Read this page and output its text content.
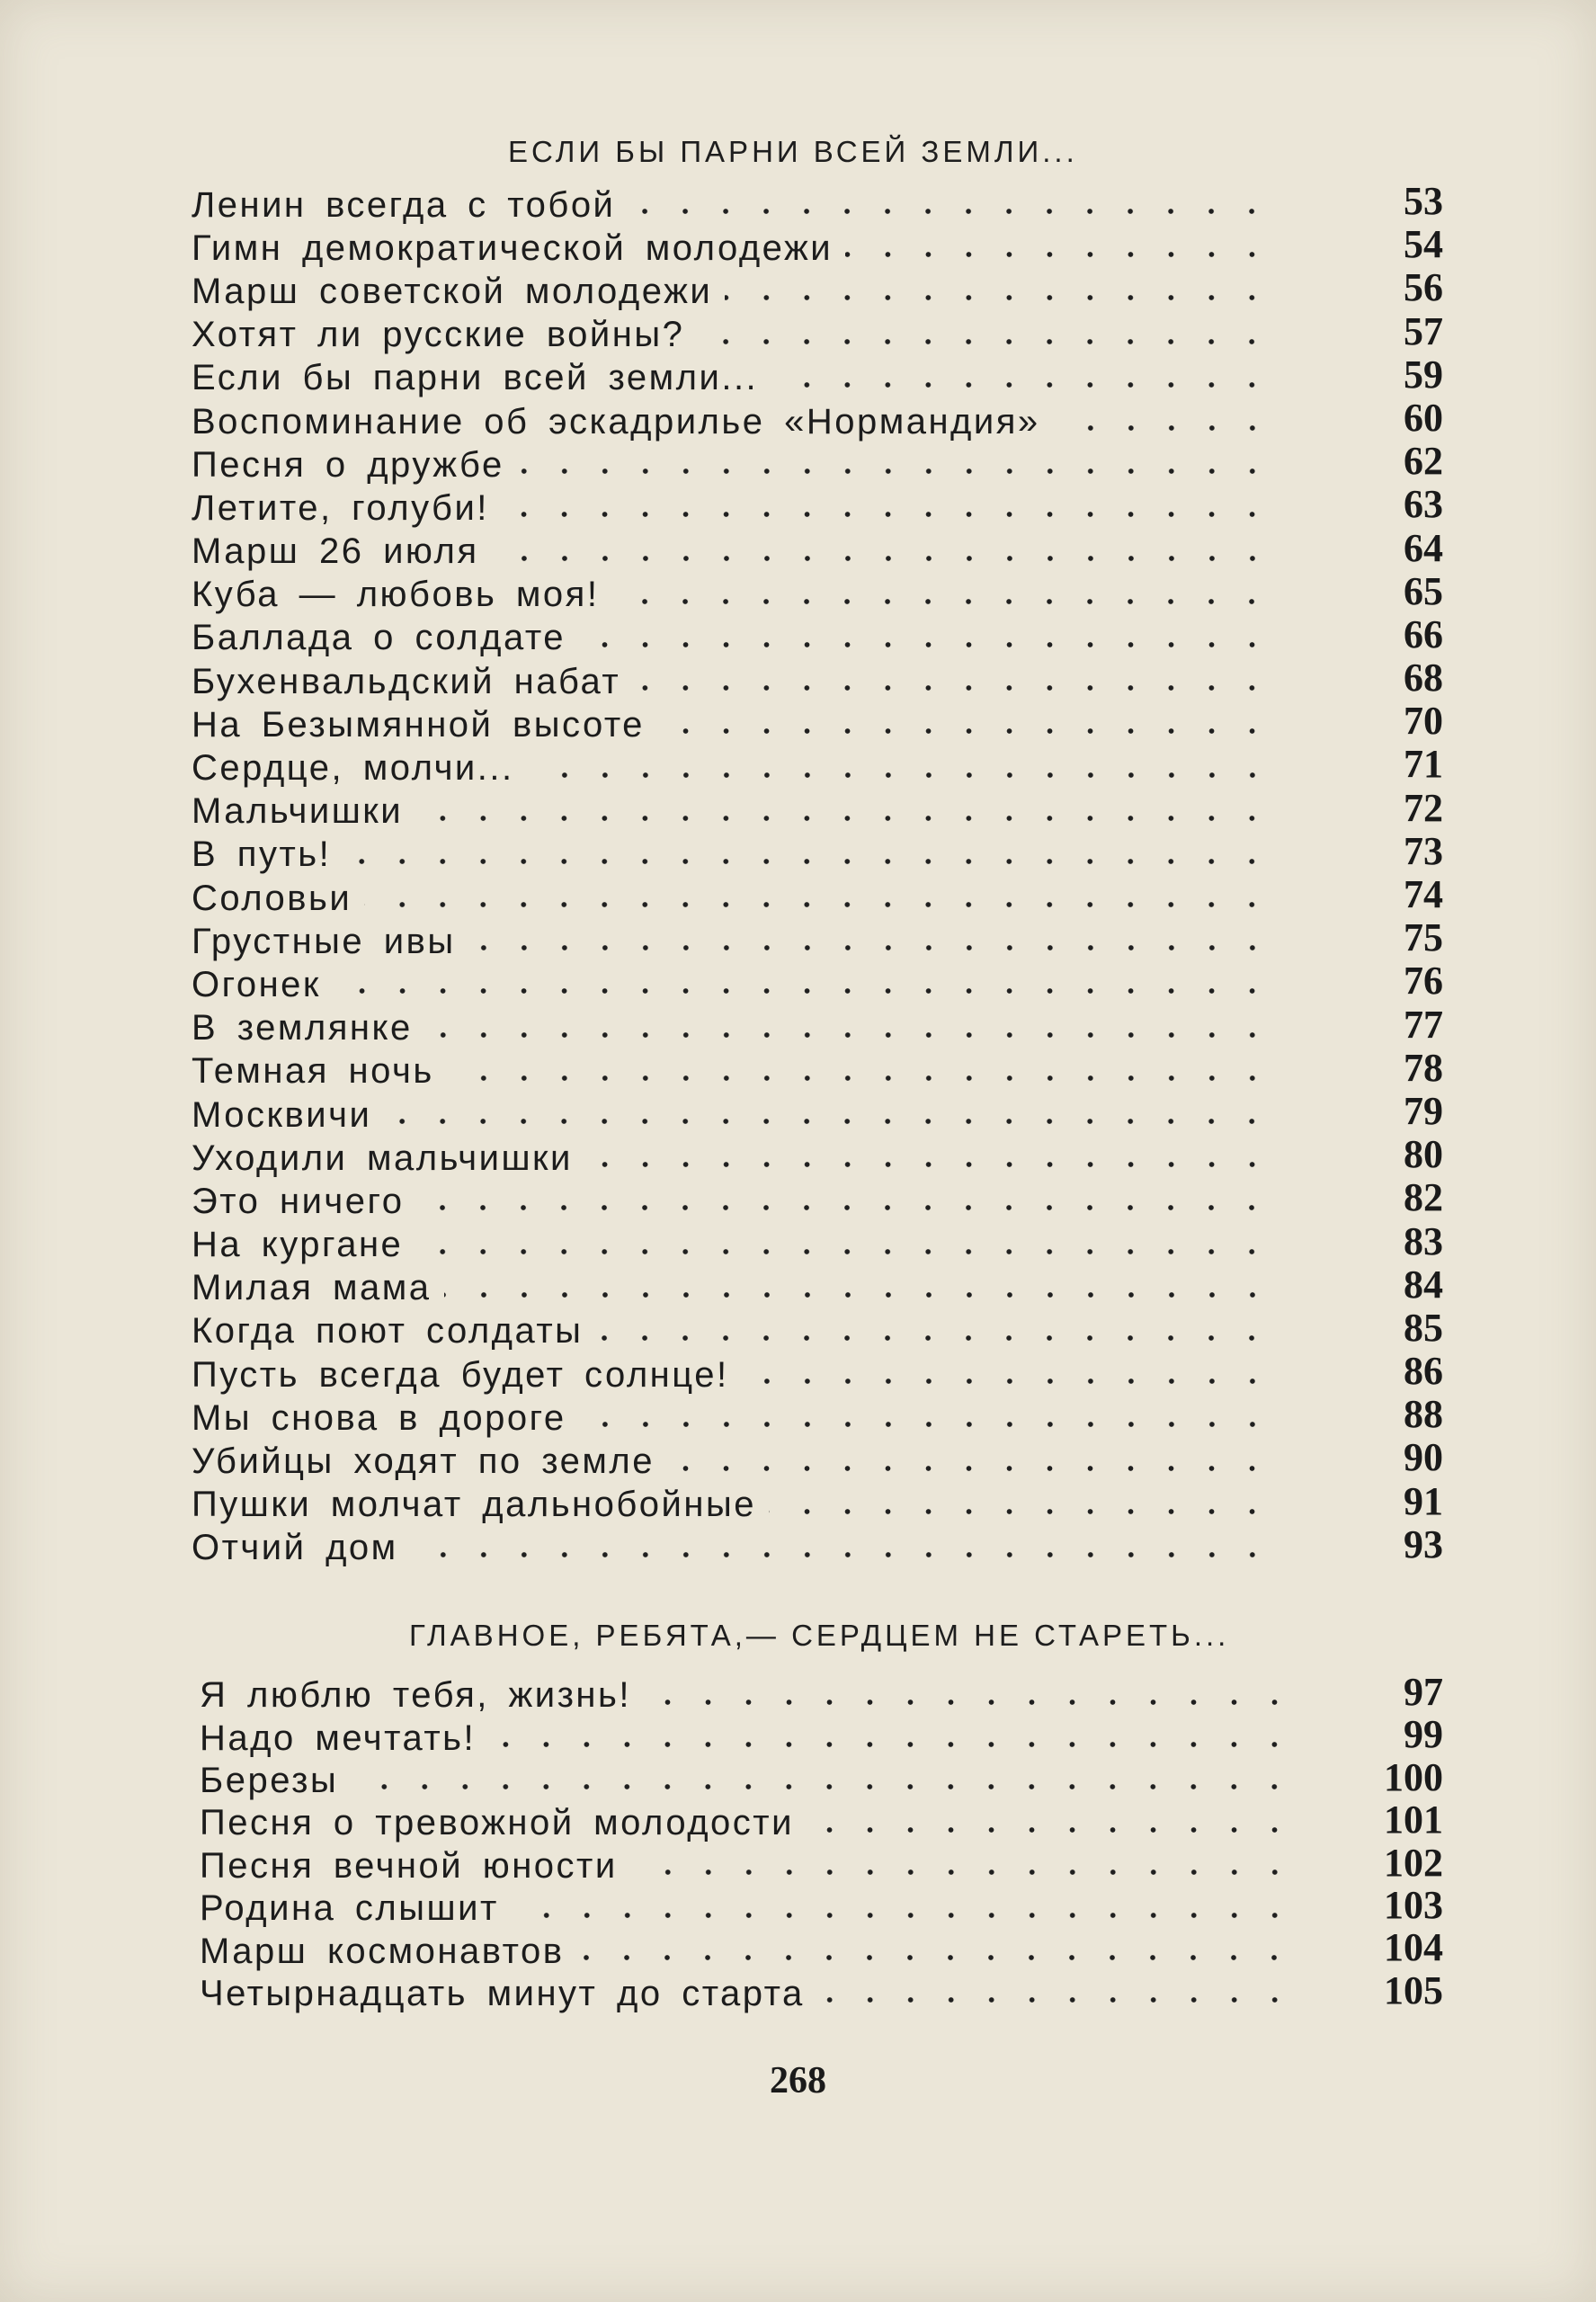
ЕСЛИ БЫ ПАРНИ ВСЕЙ ЗЕМЛИ...
Ленин всегда с тобой	53
Гимн демократической молодежи	54
Марш советской молодежи	56
Хотят ли русские войны?	57
Если бы парни всей земли...	59
Воспоминание об эскадрилье «Нормандия»	60
Песня о дружбе	62
Летите, голуби!	63
Марш 26 июля	64
Куба — любовь моя!	65
Баллада о солдате	66
Бухенвальдский набат	68
На Безымянной высоте	70
Сердце, молчи...	71
Мальчишки	72
В путь!	73
Соловьи	74
Грустные ивы	75
Огонек	76
В землянке	77
Темная ночь	78
Москвичи	79
Уходили мальчишки	80
Это ничего	82
На кургане	83
Милая мама	84
Когда поют солдаты	85
Пусть всегда будет солнце!	86
Мы снова в дороге	88
Убийцы ходят по земле	90
Пушки молчат дальнобойные	91
Отчий дом	93
ГЛАВНОЕ, РЕБЯТА,— СЕРДЦЕМ НЕ СТАРЕТЬ...
Я люблю тебя, жизнь!	97
Надо мечтать!	99
Березы	100
Песня о тревожной молодости	101
Песня вечной юности	102
Родина слышит	103
Марш космонавтов	104
Четырнадцать минут до старта	105
268
